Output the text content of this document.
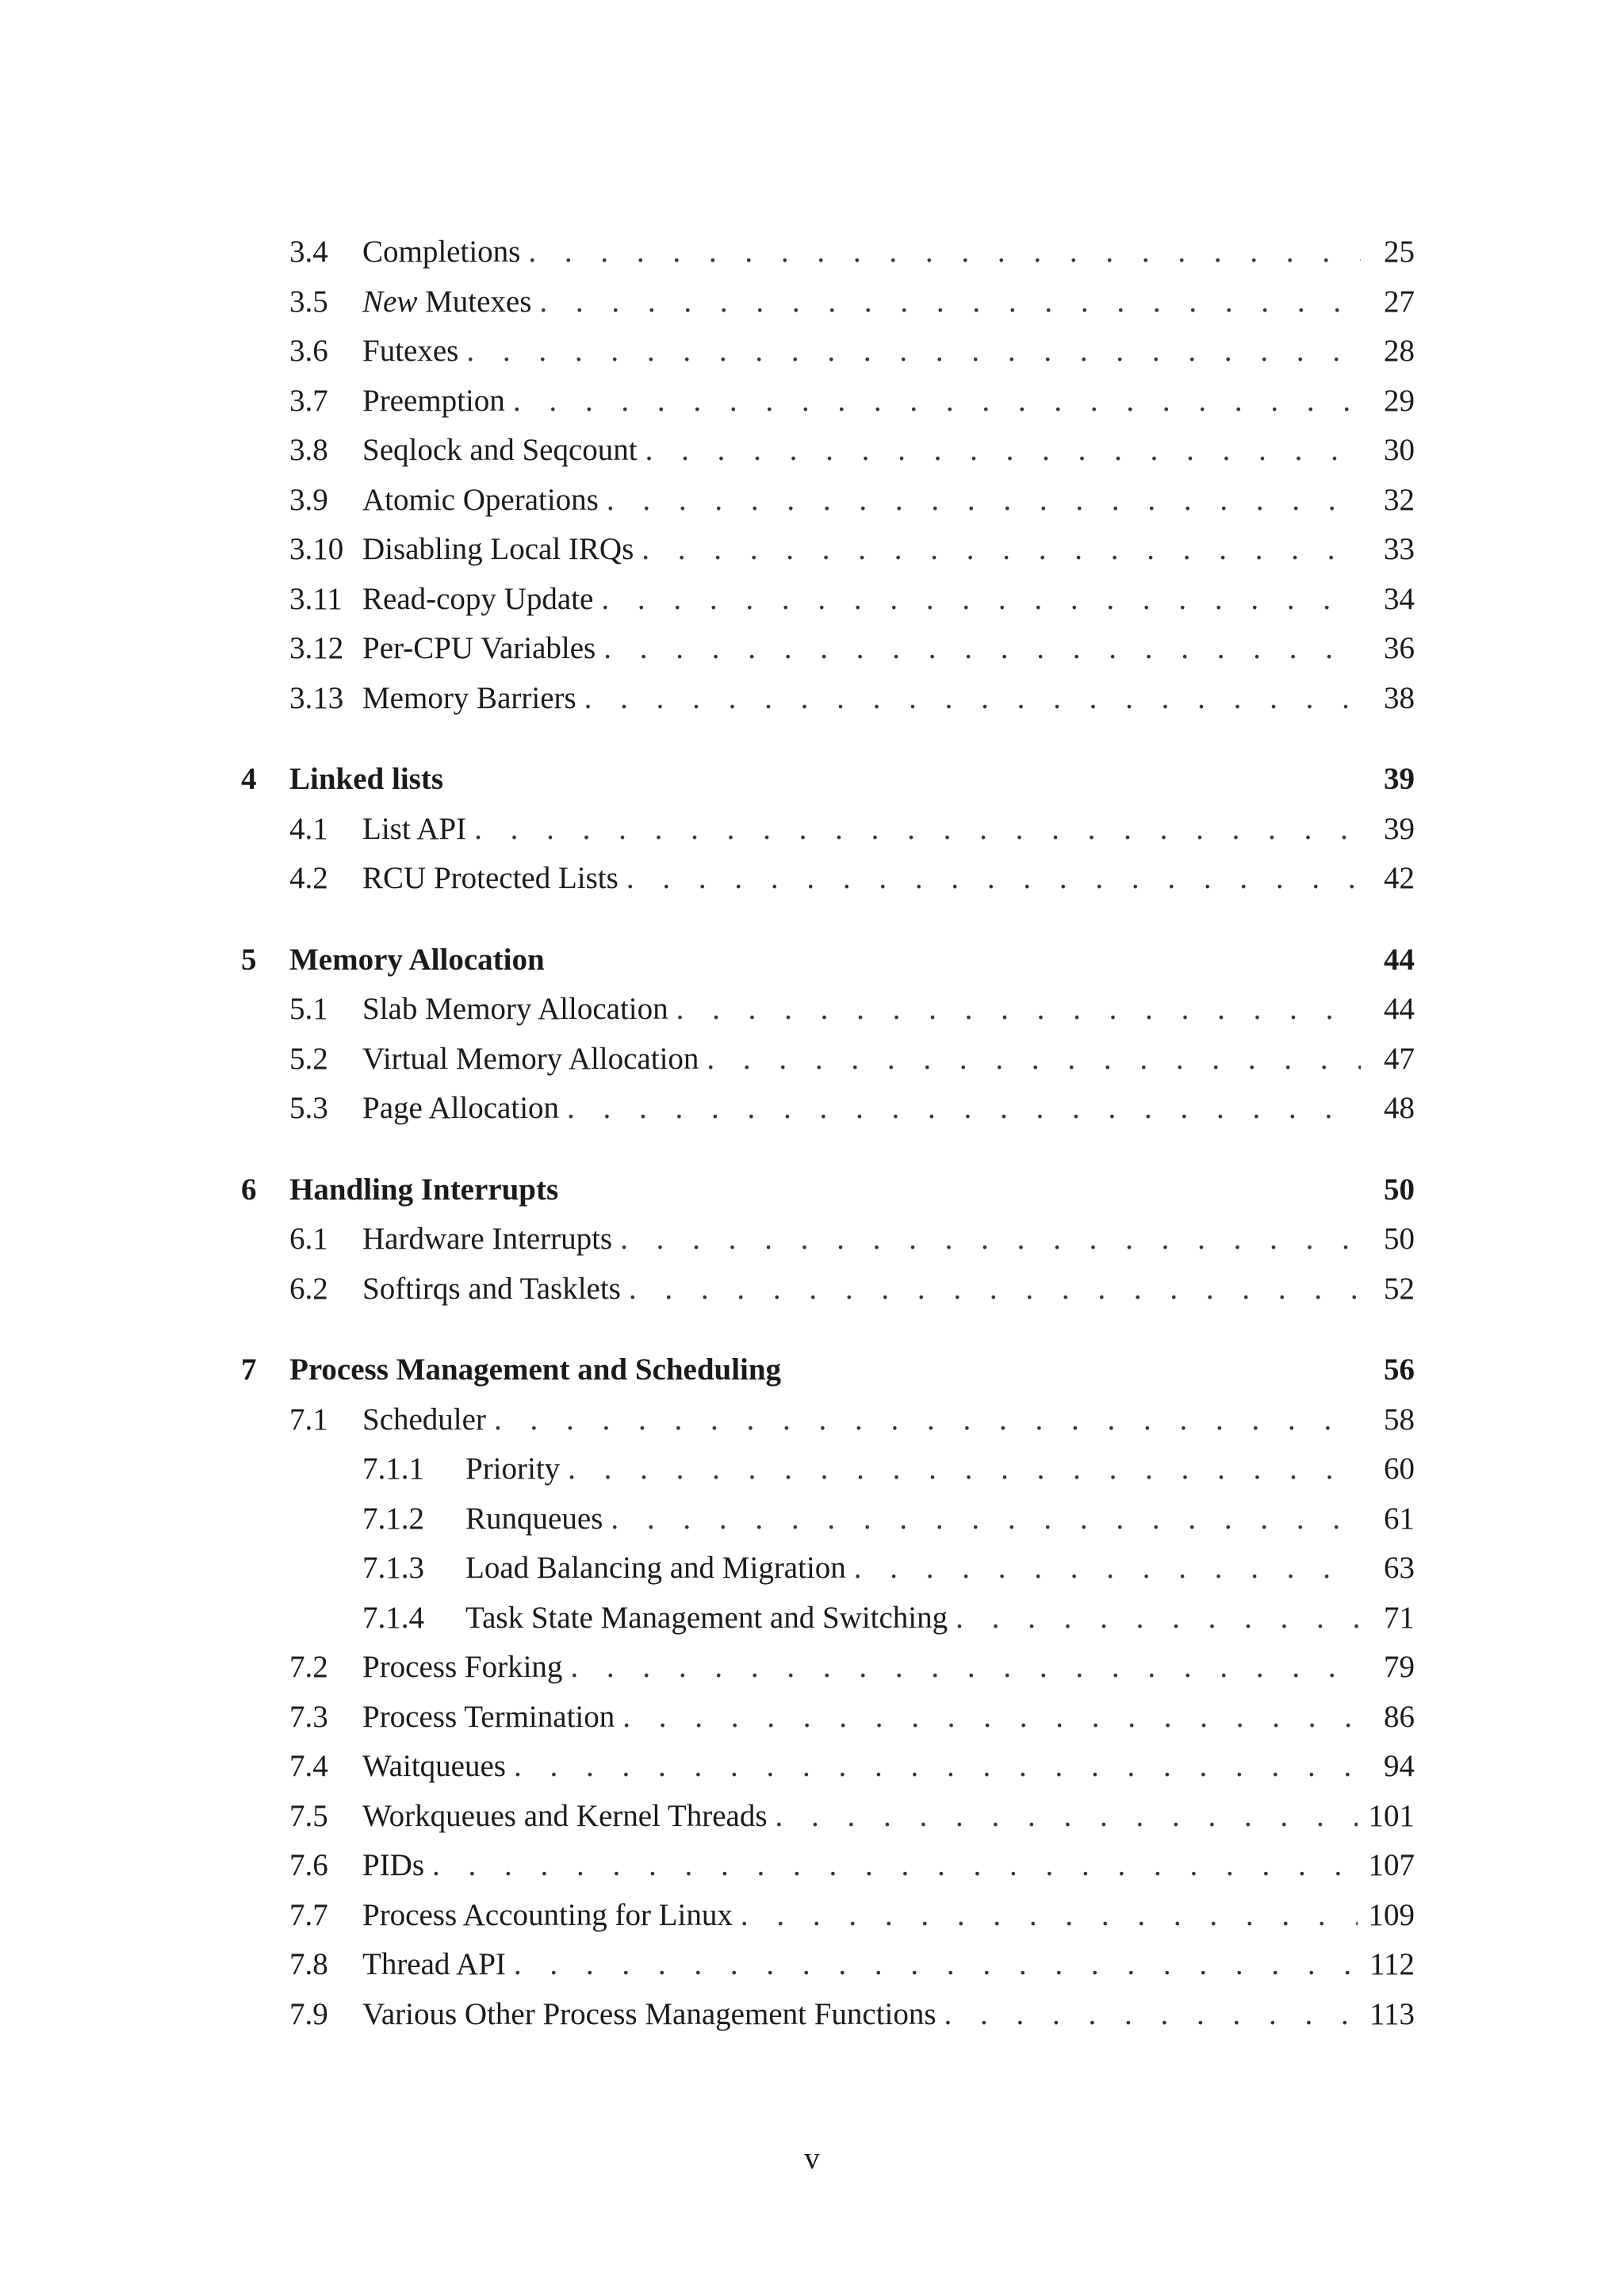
3.4	Completions . . .	25
3.5	New Mutexes . . .	27
3.6	Futexes . . .	28
3.7	Preemption . . .	29
3.8	Seqlock and Seqcount . . .	30
3.9	Atomic Operations . . .	32
3.10 Disabling Local IRQs . . .	33
3.11 Read-copy Update . . .	34
3.12 Per-CPU Variables . . .	36
3.13 Memory Barriers . . .	38
4	Linked lists	39
4.1	List API . . .	39
4.2	RCU Protected Lists . . .	42
5	Memory Allocation	44
5.1	Slab Memory Allocation . . .	44
5.2	Virtual Memory Allocation . . .	47
5.3	Page Allocation . . .	48
6	Handling Interrupts	50
6.1	Hardware Interrupts . . .	50
6.2	Softirqs and Tasklets . . .	52
7	Process Management and Scheduling	56
7.1	Scheduler . . .	58
7.1.1	Priority . . .	60
7.1.2	Runqueues . . .	61
7.1.3	Load Balancing and Migration . . .	63
7.1.4	Task State Management and Switching . . .	71
7.2	Process Forking . . .	79
7.3	Process Termination . . .	86
7.4	Waitqueues . . .	94
7.5	Workqueues and Kernel Threads . . .	101
7.6	PIDs . . .	107
7.7	Process Accounting for Linux . . .	109
7.8	Thread API . . .	112
7.9	Various Other Process Management Functions . . .	113
v
